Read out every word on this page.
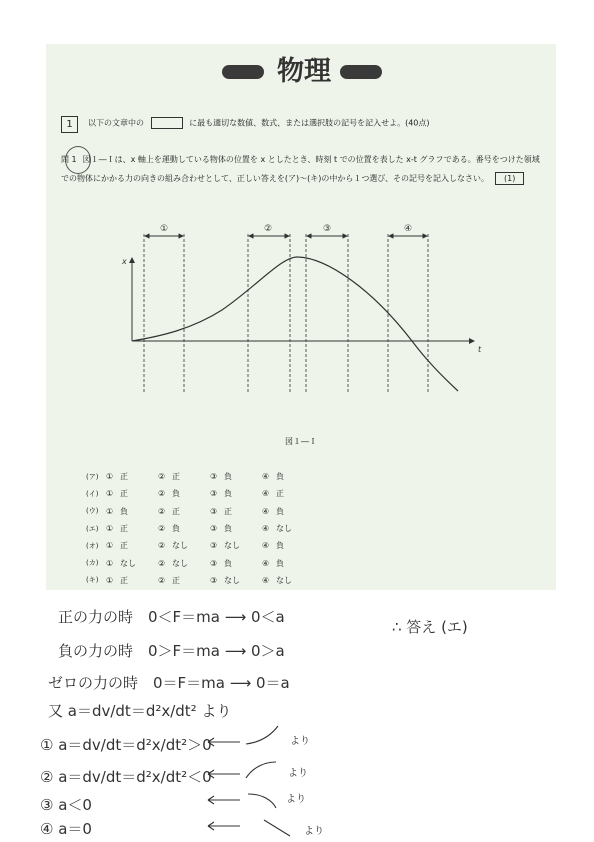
物理
1	以下の文章中の	に最も適切な数値、数式、または選択肢の記号を記入せよ。(40点)
問 1 図１―Ｉは、x 軸上を運動している物体の位置を x としたとき、時刻 t での位置を表した x-t グラフである。番号をつけた領域での物体にかかる力の向きの組み合わせとして、正しい答えを(ア)～(キ)の中から１つ選び、その記号を記入しなさい。 (1)
x
t
①	②	③	④
図１―Ｉ
(ア) ① 正	② 正	③ 負	④ 負
(イ) ① 正	② 負	③ 負	④ 正
(ウ) ① 負	② 正	③ 正	④ 負
(エ) ① 正	② 負	③ 負	④ なし
(オ) ① 正	② なし	③ なし	④ 負
(カ) ① なし	② なし	③ 負	④ 負
(キ) ① 正	② 正	③ なし	④ なし
正の力の時　0＜F＝ma ⟶ 0＜a
負の力の時　0＞F＝ma ⟶ 0＞a
ゼロの力の時　0＝F＝ma ⟶ 0＝a
又 a＝dv/dt＝d²x/dt² より
① a＝dv/dt＝d²x/dt²＞0
② a＝dv/dt＝d²x/dt²＜0
③ a＜0
④ a＝0
∴ 答え (エ)
より
より
より
より
